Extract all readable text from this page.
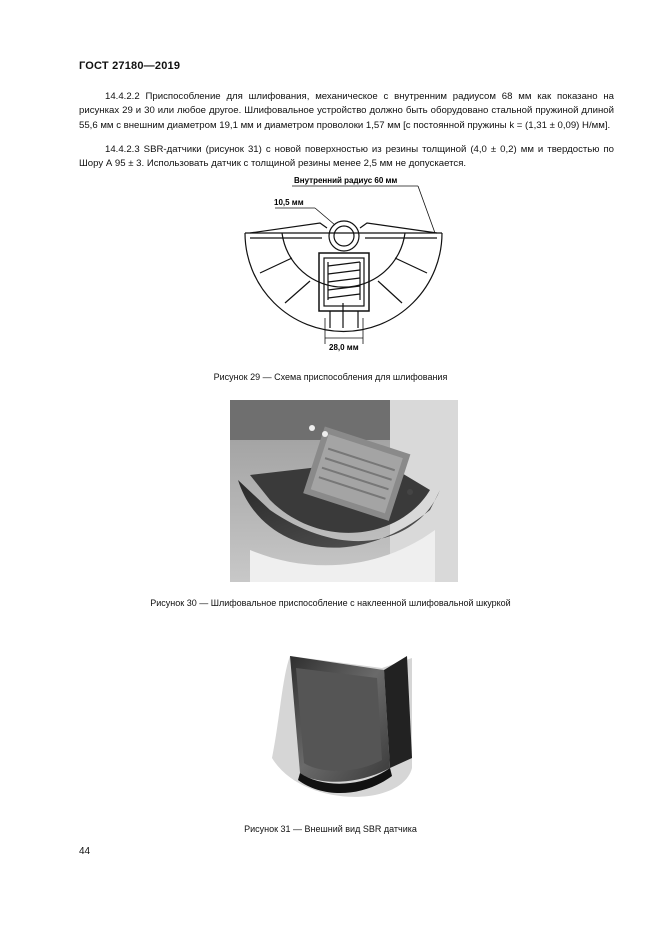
ГОСТ 27180—2019

14.4.2.2 Приспособление для шлифования, механическое с внутренним радиусом 68 мм как показано на рисунках 29 и 30 или любое другое. Шлифовальное устройство должно быть оборудовано стальной пружиной длиной 55,6 мм с внешним диаметром 19,1 мм и диаметром проволоки 1,57 мм [с постоянной пружины k = (1,31 ± 0,09) Н/мм].

14.4.2.3 SBR-датчики (рисунок 31) с новой поверхностью из резины толщиной (4,0 ± 0,2) мм и твердостью по Шору А 95 ± 3. Использовать датчик с толщиной резины менее 2,5 мм не допускается.

Внутренний радиус 60 мм
10,5 мм
28,0 мм
Рисунок 29 — Схема приспособления для шлифования
Рисунок 30 — Шлифовальное приспособление с наклеенной шлифовальной шкуркой
Рисунок 31 — Внешний вид SBR датчика
44
